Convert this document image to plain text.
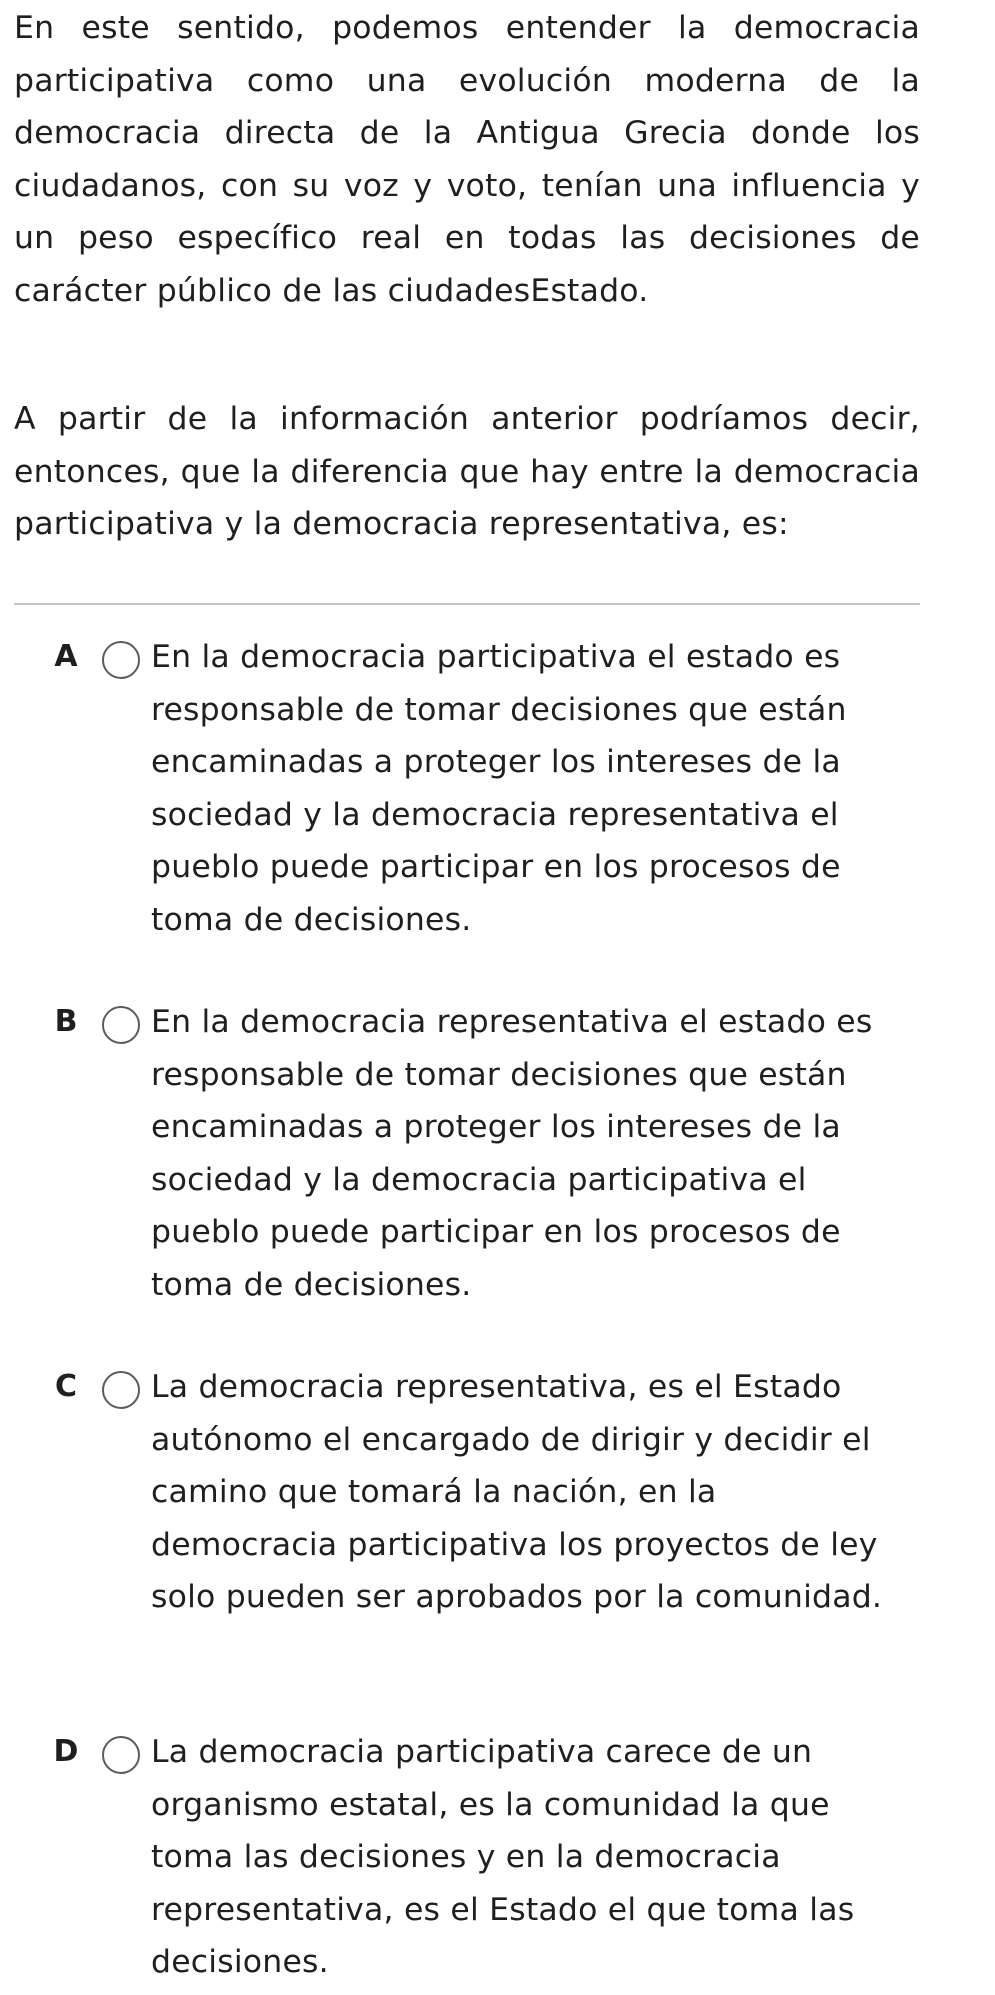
En este sentido, podemos entender la democracia participativa como una evolución moderna de la democracia directa de la Antigua Grecia donde los ciudadanos, con su voz y voto, tenían una influencia y un peso específico real en todas las decisiones de carácter público de las ciudadesEstado.

A partir de la información anterior podríamos decir, entonces, que la diferencia que hay entre la democracia participativa y la democracia representativa, es:

A En la democracia participativa el estado es responsable de tomar decisiones que están encaminadas a proteger los intereses de la sociedad y la democracia representativa el pueblo puede participar en los procesos de toma de decisiones.

B En la democracia representativa el estado es responsable de tomar decisiones que están encaminadas a proteger los intereses de la sociedad y la democracia participativa el pueblo puede participar en los procesos de toma de decisiones.

C La democracia representativa, es el Estado autónomo el encargado de dirigir y decidir el camino que tomará la nación, en la democracia participativa los proyectos de ley solo pueden ser aprobados por la comunidad.

D La democracia participativa carece de un organismo estatal, es la comunidad la que toma las decisiones y en la democracia representativa, es el Estado el que toma las decisiones.
